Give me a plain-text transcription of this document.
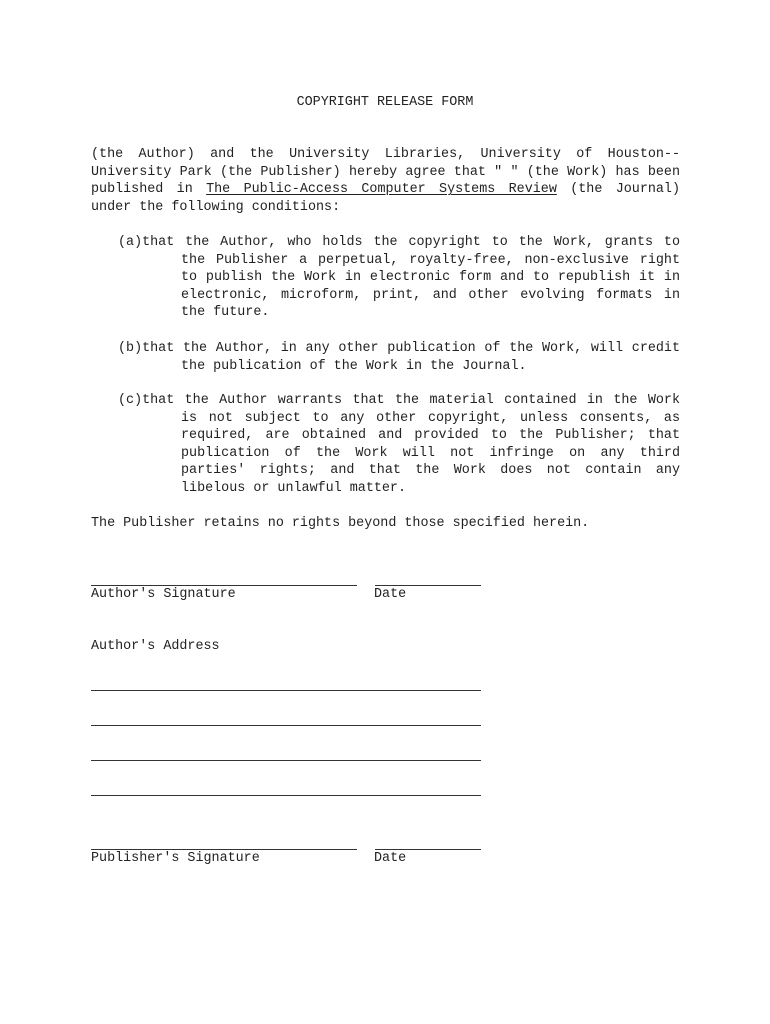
COPYRIGHT RELEASE FORM
(the Author) and the University Libraries, University of Houston--University Park (the Publisher) hereby agree that " " (the Work) has been published in The Public-Access Computer Systems Review (the Journal) under the following conditions:
(a)that the Author, who holds the copyright to the Work, grants to the Publisher a perpetual, royalty-free, non-exclusive right to publish the Work in electronic form and to republish it in electronic, microform, print, and other evolving formats in the future.
(b)that the Author, in any other publication of the Work, will credit the publication of the Work in the Journal.
(c)that the Author warrants that the material contained in the Work is not subject to any other copyright, unless consents, as required, are obtained and provided to the Publisher; that publication of the Work will not infringe on any third parties' rights; and that the Work does not contain any libelous or unlawful matter.
The Publisher retains no rights beyond those specified herein.
Author's Signature	Date
Author's Address
Publisher's Signature	Date
